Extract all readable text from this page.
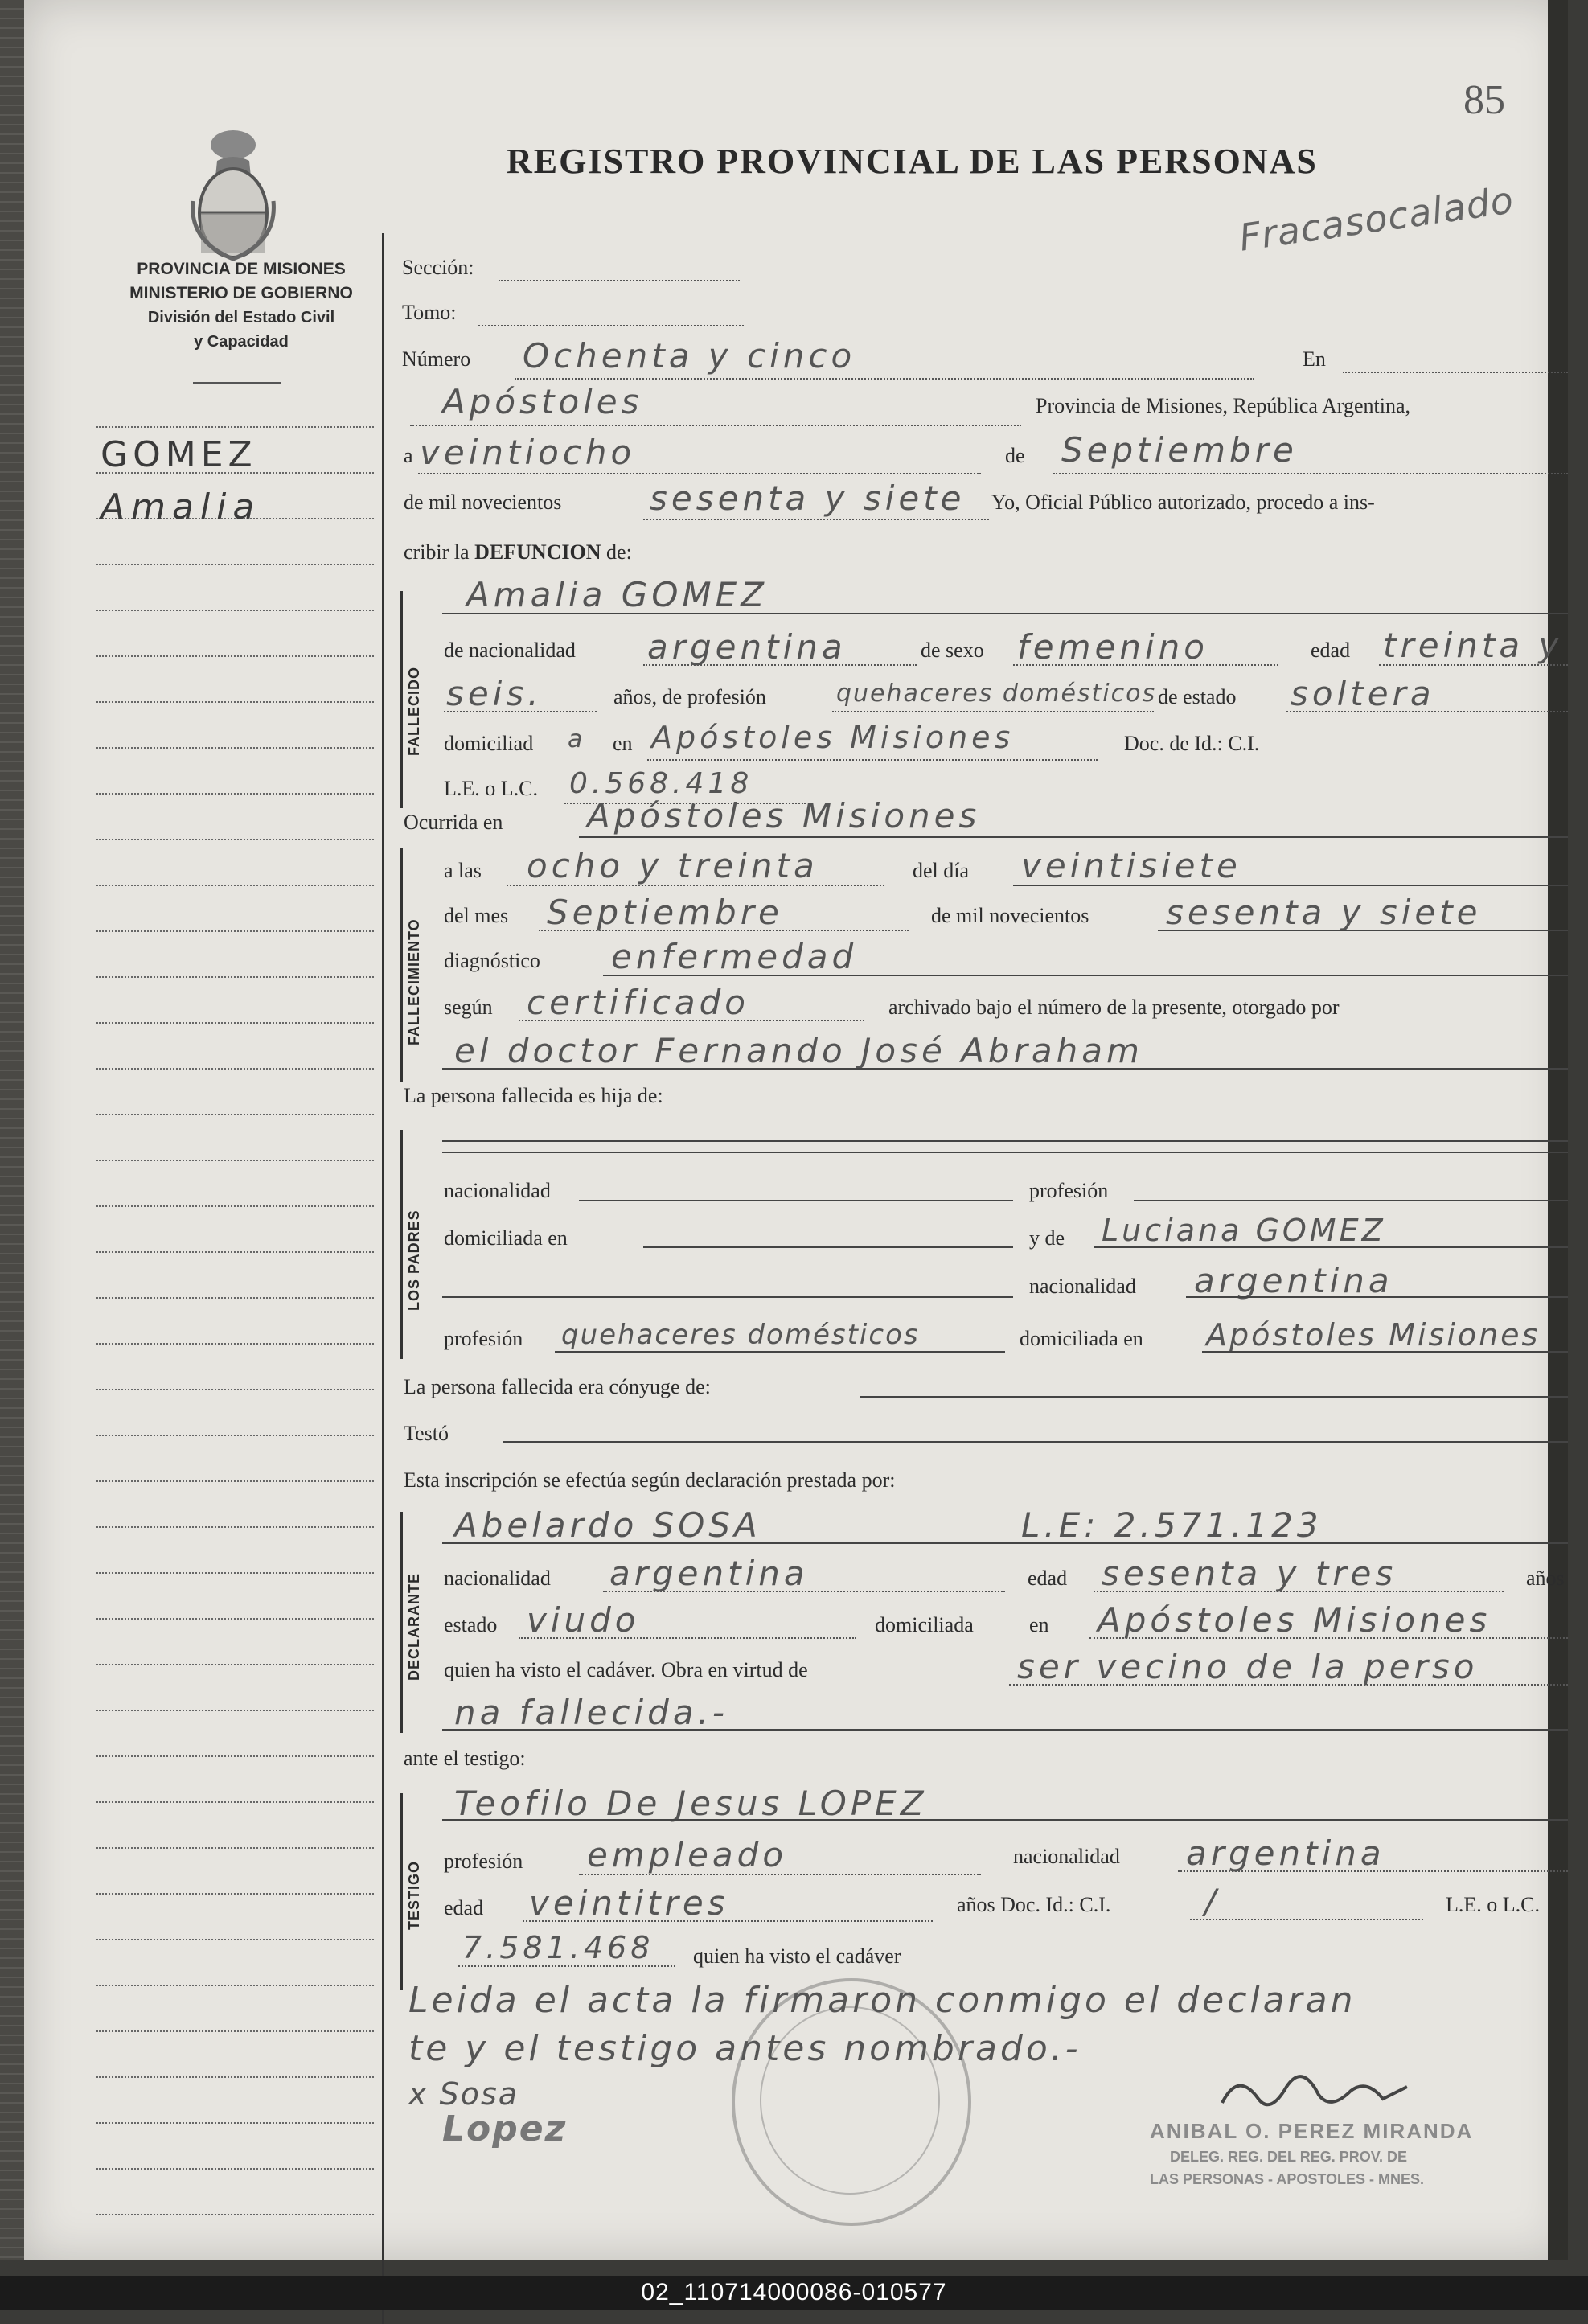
85
REGISTRO PROVINCIAL DE LAS PERSONAS
PROVINCIA DE MISIONES
MINISTERIO DE GOBIERNO
División del Estado Civil
y Capacidad
GOMEZ
Amalia
Sección:
Tomo:
Fracasocalado
Número Ochenta y cinco	En
Apóstoles	Provincia de Misiones, República Argentina,
a veintiocho	de Septiembre
de mil novecientos	sesenta y siete Yo, Oficial Público autorizado, procedo a ins-
cribir la DEFUNCION de:
FALLECIDO
Amalia GOMEZ
de nacionalidad argentina	de sexo femenino	edad treinta y
seis.	años, de profesión	quehaceres domésticos de estado soltera
domiciliad a en Apóstoles Misiones	Doc. de Id.: C.I.
L.E. o L.C. 0.568.418
Ocurrida en Apóstoles Misiones
FALLECIMIENTO
a las ocho y treinta	del día veintisiete
del mes Septiembre	de mil novecientos sesenta y siete
diagnóstico enfermedad
según certificado	archivado bajo el número de la presente, otorgado por
el doctor Fernando José Abraham
La persona fallecida es hija de:
LOS PADRES
nacionalidad	profesión
domiciliada en	y de Luciana GOMEZ
nacionalidad argentina
profesión quehaceres domésticos	domiciliada en Apóstoles Misiones
La persona fallecida era cónyuge de:
Testó
Esta inscripción se efectúa según declaración prestada por:
DECLARANTE
Abelardo SOSA	L.E: 2.571.123
nacionalidad argentina	edad sesenta y tres	años
estado viudo	domiciliada	en Apóstoles Misiones
quien ha visto el cadáver. Obra en virtud de	ser vecino de la perso
na fallecida.-
ante el testigo:
TESTIGO
Teofilo De Jesus LOPEZ
profesión empleado	nacionalidad argentina
edad veintitres	años Doc. Id.: C.I.	/	L.E. o L.C.
7.581.468 quien ha visto el cadáver
Leida el acta la firmaron conmigo el declaran
te y el testigo antes nombrado.-
x Sosa
Lopez	ANIBAL O. PEREZ MIRANDA
DELEG. REG. DEL REG. PROV. DE
LAS PERSONAS - APOSTOLES - MNES.
02_110714000086-010577
